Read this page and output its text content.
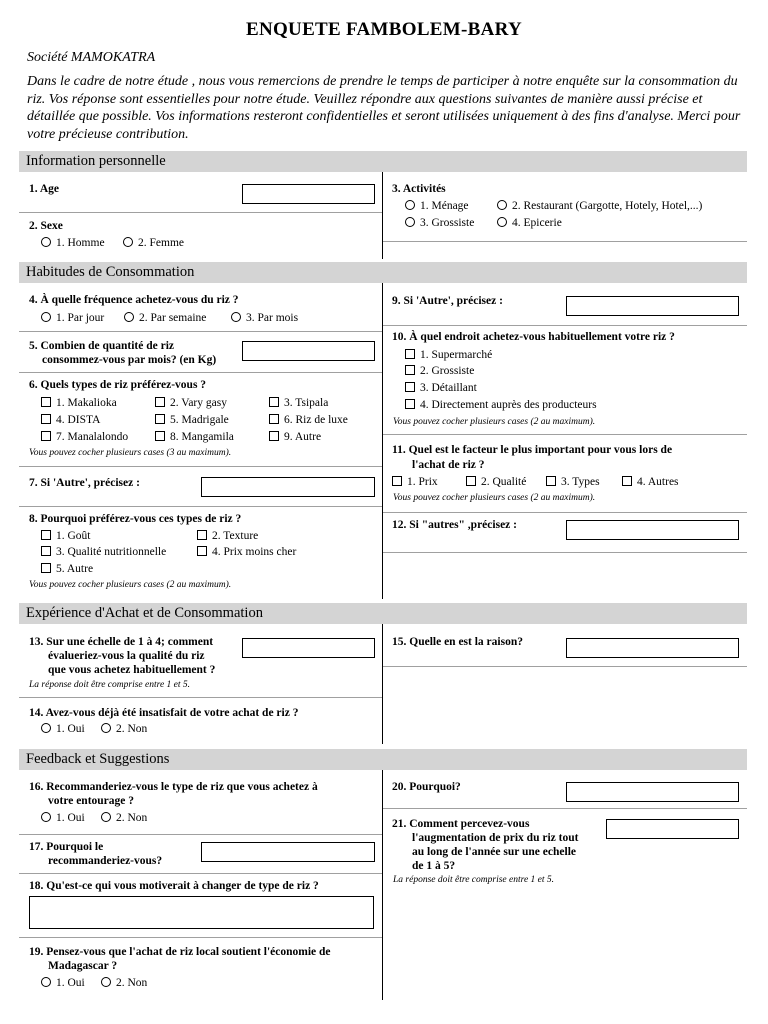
ENQUETE FAMBOLEM-BARY
Société MAMOKATRA
Dans le cadre de notre étude , nous vous remercions de prendre le temps de participer à notre enquête sur la consommation du riz. Vos réponse sont essentielles pour notre étude. Veuillez répondre aux questions suivantes de manière aussi précise et détaillée que possible. Vos informations resteront confidentielles et seront utilisées uniquement à des fins d'analyse. Merci pour votre précieuse contribution.
Information personnelle
1. Age
2. Sexe
1. Homme	2. Femme
3. Activités
1. Ménage	2. Restaurant (Gargotte, Hotely, Hotel,...)
3. Grossiste	4. Epicerie
Habitudes de Consommation
4. À quelle fréquence achetez-vous du riz ?
1. Par jour	2. Par semaine	3. Par mois
5. Combien de quantité de riz
consommez-vous par mois? (en Kg)
6. Quels types de riz préférez-vous ?
1. Makalioka	2. Vary gasy	3. Tsipala
4. DISTA	5. Madrigale	6. Riz de luxe
7. Manalalondo	8. Mangamila	9. Autre
Vous pouvez cocher plusieurs cases (3 au maximum).
7. Si 'Autre', précisez :
8. Pourquoi préférez-vous ces types de riz ?
1. Goût	2. Texture
3. Qualité nutritionnelle	4. Prix moins cher
5. Autre
Vous pouvez cocher plusieurs cases (2 au maximum).
9. Si 'Autre', précisez :
10. À quel endroit achetez-vous habituellement votre riz ?
1. Supermarché
2. Grossiste
3. Détaillant
4. Directement auprès des producteurs
Vous pouvez cocher plusieurs cases (2 au maximum).
11. Quel est le facteur le plus important pour vous lors de
l'achat de riz ?
1. Prix	2. Qualité	3. Types	4. Autres
Vous pouvez cocher plusieurs cases (2 au maximum).
12. Si "autres" ,précisez :
Expérience d'Achat et de Consommation
13. Sur une échelle de 1 à 4; comment
évalueriez-vous la qualité du riz
que vous achetez habituellement ?
La réponse doit être comprise entre 1 et 5.
14. Avez-vous déjà été insatisfait de votre achat de riz ?
1. Oui	2. Non
15. Quelle en est la raison?
Feedback et Suggestions
16. Recommanderiez-vous le type de riz que vous achetez à
votre entourage ?
1. Oui	2. Non
17. Pourquoi le
recommanderiez-vous?
18. Qu'est-ce qui vous motiverait à changer de type de riz ?
19. Pensez-vous que l'achat de riz local soutient l'économie de
Madagascar ?
1. Oui	2. Non
20. Pourquoi?
21. Comment percevez-vous
l'augmentation de prix du riz tout
au long de l'année sur une echelle
de 1 à 5?
La réponse doit être comprise entre 1 et 5.
